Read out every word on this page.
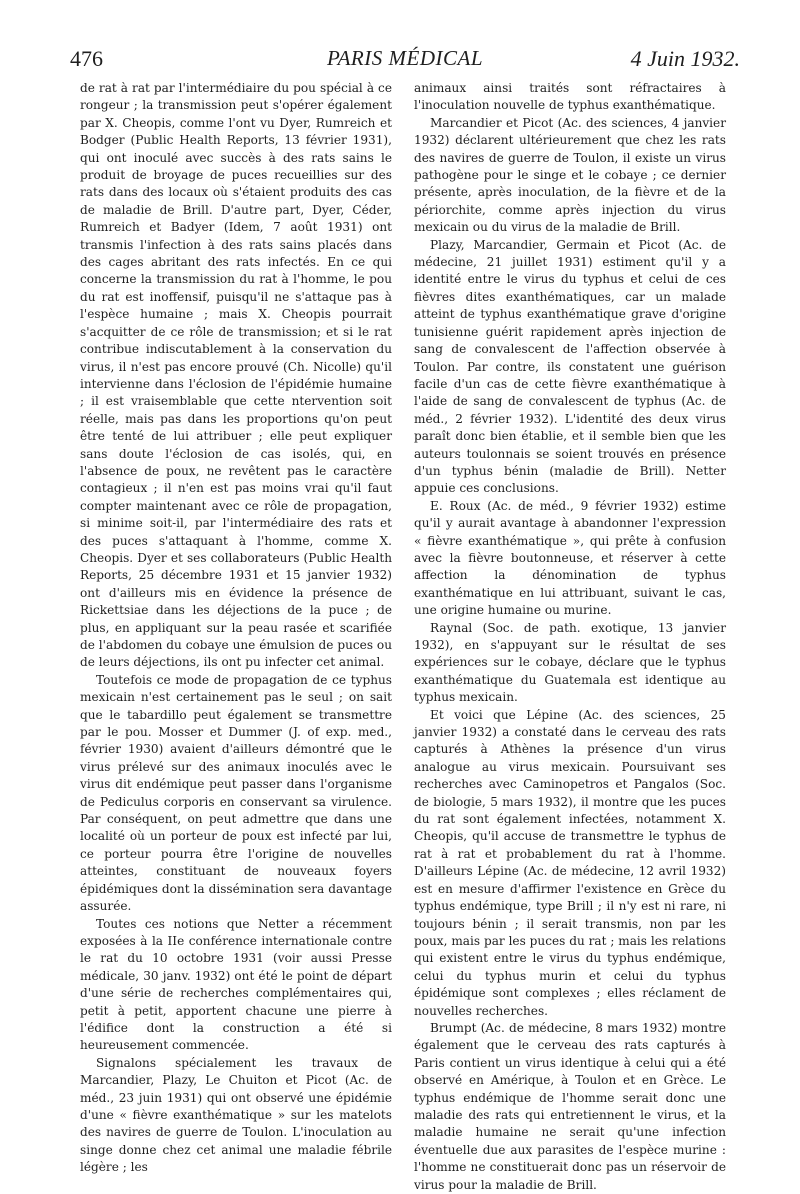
476	PARIS MÉDICAL	4 Juin 1932.

de rat à rat par l'intermédiaire du pou spécial à ce rongeur ; la transmission peut s'opérer également par X. Cheopis, comme l'ont vu Dyer, Rumreich et Bodger (Public Health Reports, 13 février 1931), qui ont inoculé avec succès à des rats sains le produit de broyage de puces recueillies sur des rats dans des locaux où s'étaient produits des cas de maladie de Brill. D'autre part, Dyer, Céder, Rumreich et Badyer (Idem, 7 août 1931) ont transmis l'infection à des rats sains placés dans des cages abritant des rats infectés. En ce qui concerne la transmission du rat à l'homme, le pou du rat est inoffensif, puisqu'il ne s'attaque pas à l'espèce humaine ; mais X. Cheopis pourrait s'acquitter de ce rôle de transmission; et si le rat contribue indiscutablement à la conservation du virus, il n'est pas encore prouvé (Ch. Nicolle) qu'il intervienne dans l'éclosion de l'épidémie humaine ; il est vraisemblable que cette ntervention soit réelle, mais pas dans les proportions qu'on peut être tenté de lui attribuer ; elle peut expliquer sans doute l'éclosion de cas isolés, qui, en l'absence de poux, ne revêtent pas le caractère contagieux ; il n'en est pas moins vrai qu'il faut compter maintenant avec ce rôle de propagation, si minime soit-il, par l'intermédiaire des rats et des puces s'attaquant à l'homme, comme X. Cheopis. Dyer et ses collaborateurs (Public Health Reports, 25 décembre 1931 et 15 janvier 1932) ont d'ailleurs mis en évidence la présence de Rickettsiae dans les déjections de la puce ; de plus, en appliquant sur la peau rasée et scarifiée de l'abdomen du cobaye une émulsion de puces ou de leurs déjections, ils ont pu infecter cet animal.

Toutefois ce mode de propagation de ce typhus mexicain n'est certainement pas le seul ; on sait que le tabardillo peut également se transmettre par le pou. Mosser et Dummer (J. of exp. med., février 1930) avaient d'ailleurs démontré que le virus prélevé sur des animaux inoculés avec le virus dit endémique peut passer dans l'organisme de Pediculus corporis en conservant sa virulence. Par conséquent, on peut admettre que dans une localité où un porteur de poux est infecté par lui, ce porteur pourra être l'origine de nouvelles atteintes, constituant de nouveaux foyers épidémiques dont la dissémination sera davantage assurée.

Toutes ces notions que Netter a récemment exposées à la IIe conférence internationale contre le rat du 10 octobre 1931 (voir aussi Presse médicale, 30 janv. 1932) ont été le point de départ d'une série de recherches complémentaires qui, petit à petit, apportent chacune une pierre à l'édifice dont la construction a été si heureusement commencée.

Signalons spécialement les travaux de Marcandier, Plazy, Le Chuiton et Picot (Ac. de méd., 23 juin 1931) qui ont observé une épidémie d'une « fièvre exanthématique » sur les matelots des navires de guerre de Toulon. L'inoculation au singe donne chez cet animal une maladie fébrile légère ; les

animaux ainsi traités sont réfractaires à l'inoculation nouvelle de typhus exanthématique.

Marcandier et Picot (Ac. des sciences, 4 janvier 1932) déclarent ultérieurement que chez les rats des navires de guerre de Toulon, il existe un virus pathogène pour le singe et le cobaye ; ce dernier présente, après inoculation, de la fièvre et de la périorchite, comme après injection du virus mexicain ou du virus de la maladie de Brill.

Plazy, Marcandier, Germain et Picot (Ac. de médecine, 21 juillet 1931) estiment qu'il y a identité entre le virus du typhus et celui de ces fièvres dites exanthématiques, car un malade atteint de typhus exanthématique grave d'origine tunisienne guérit rapidement après injection de sang de convalescent de l'affection observée à Toulon. Par contre, ils constatent une guérison facile d'un cas de cette fièvre exanthématique à l'aide de sang de convalescent de typhus (Ac. de méd., 2 février 1932). L'identité des deux virus paraît donc bien établie, et il semble bien que les auteurs toulonnais se soient trouvés en présence d'un typhus bénin (maladie de Brill). Netter appuie ces conclusions.

E. Roux (Ac. de méd., 9 février 1932) estime qu'il y aurait avantage à abandonner l'expression « fièvre exanthématique », qui prête à confusion avec la fièvre boutonneuse, et réserver à cette affection la dénomination de typhus exanthématique en lui attribuant, suivant le cas, une origine humaine ou murine.

Raynal (Soc. de path. exotique, 13 janvier 1932), en s'appuyant sur le résultat de ses expériences sur le cobaye, déclare que le typhus exanthématique du Guatemala est identique au typhus mexicain.

Et voici que Lépine (Ac. des sciences, 25 janvier 1932) a constaté dans le cerveau des rats capturés à Athènes la présence d'un virus analogue au virus mexicain. Poursuivant ses recherches avec Caminopetros et Pangalos (Soc. de biologie, 5 mars 1932), il montre que les puces du rat sont également infectées, notamment X. Cheopis, qu'il accuse de transmettre le typhus de rat à rat et probablement du rat à l'homme. D'ailleurs Lépine (Ac. de médecine, 12 avril 1932) est en mesure d'affirmer l'existence en Grèce du typhus endémique, type Brill ; il n'y est ni rare, ni toujours bénin ; il serait transmis, non par les poux, mais par les puces du rat ; mais les relations qui existent entre le virus du typhus endémique, celui du typhus murin et celui du typhus épidémique sont complexes ; elles réclament de nouvelles recherches.

Brumpt (Ac. de médecine, 8 mars 1932) montre également que le cerveau des rats capturés à Paris contient un virus identique à celui qui a été observé en Amérique, à Toulon et en Grèce. Le typhus endémique de l'homme serait donc une maladie des rats qui entretiennent le virus, et la maladie humaine ne serait qu'une infection éventuelle due aux parasites de l'espèce murine : l'homme ne constituerait donc pas un réservoir de virus pour la maladie de Brill.
